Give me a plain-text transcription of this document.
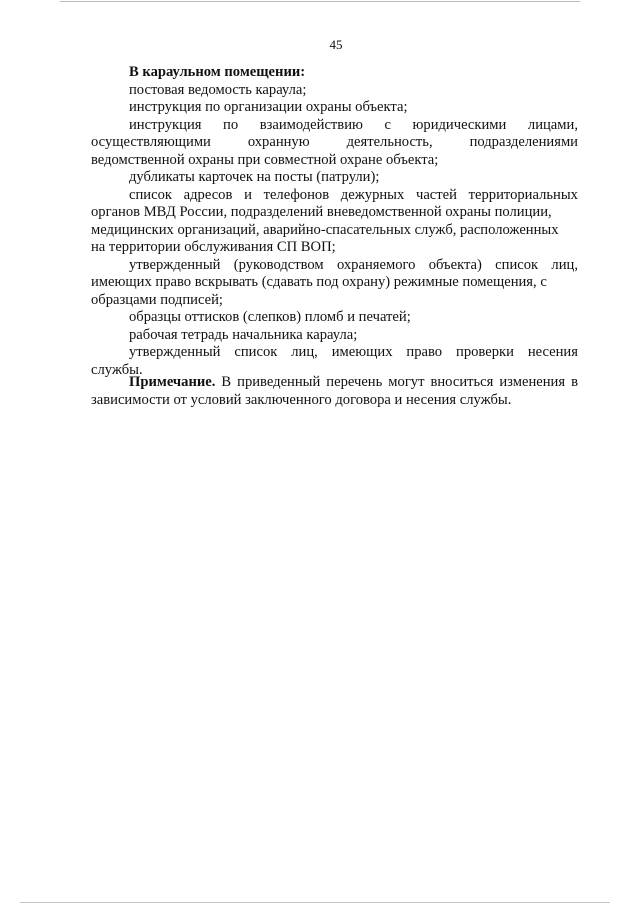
45
В караульном помещении:
постовая ведомость караула;
инструкция по организации охраны объекта;
инструкция по взаимодействию с юридическими лицами,
осуществляющими	охранную	деятельность,	подразделениями
ведомственной охраны при совместной охране объекта;
дубликаты карточек на посты (патрули);
список адресов и телефонов дежурных частей территориальных
органов МВД России, подразделений вневедомственной охраны полиции,
медицинских организаций, аварийно-спасательных служб, расположенных
на территории обслуживания СП ВОП;
утвержденный (руководством охраняемого объекта) список лиц,
имеющих право вскрывать (сдавать под охрану) режимные помещения, с
образцами подписей;
образцы оттисков (слепков) пломб и печатей;
рабочая тетрадь начальника караула;
утвержденный список лиц, имеющих право проверки несения
службы.
Примечание. В приведенный перечень могут вноситься изменения в
зависимости от условий заключенного договора и несения службы.
